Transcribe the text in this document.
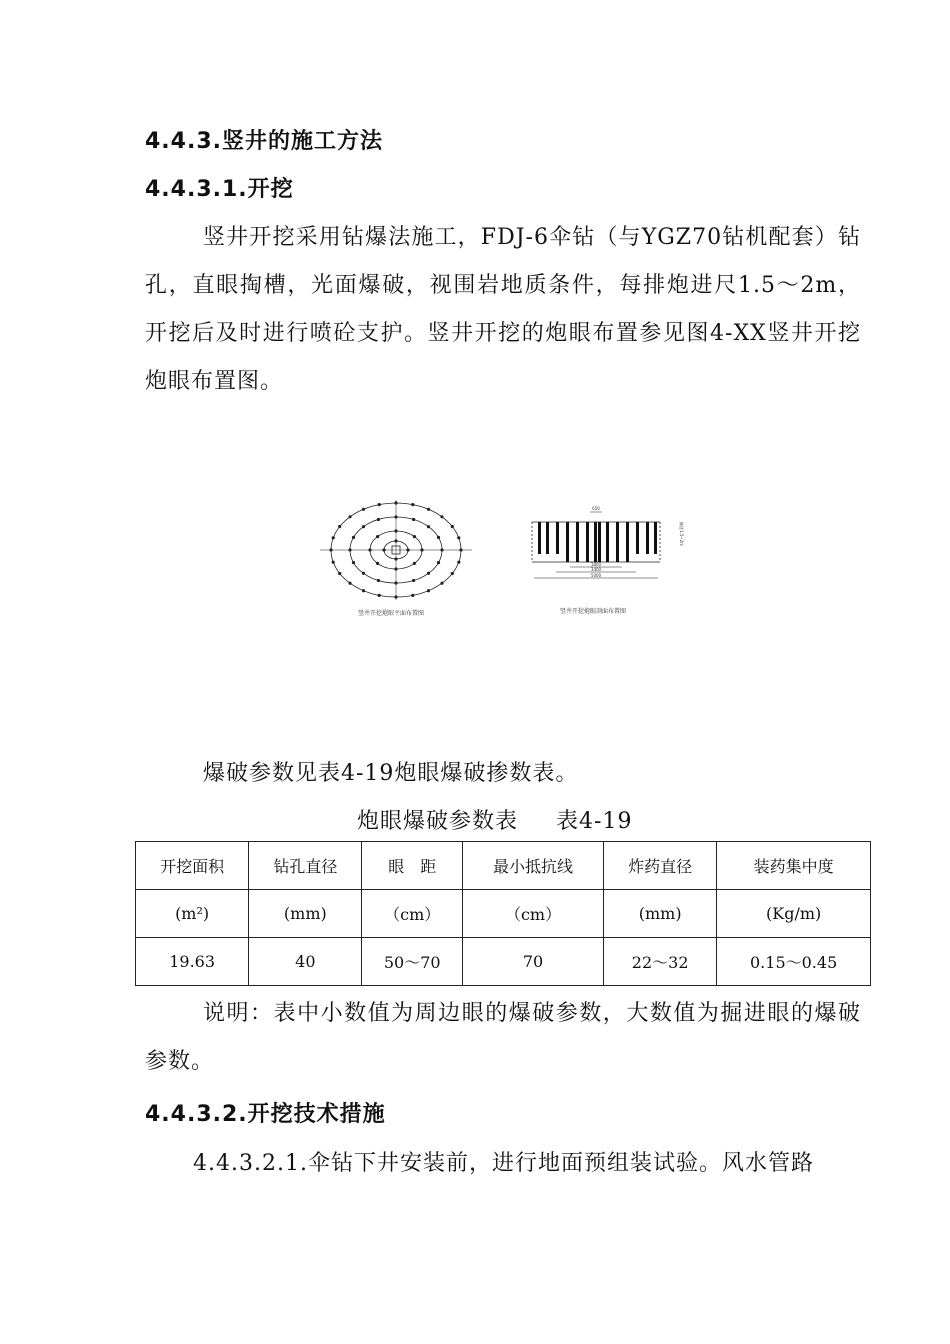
4.4.3.竖井的施工方法
4.4.3.1.开挖

竖井开挖采用钻爆法施工，FDJ-6伞钻（与YGZ70钻机配套）钻孔，直眼掏槽，光面爆破，视围岩地质条件，每排炮进尺1.5～2m，开挖后及时进行喷砼支护。竖井开挖的炮眼布置参见图4-XX竖井开挖炮眼布置图。

650
1800
3400
5000
掘进1.5~2m
竖井开挖炮眼平面布置图	竖井开挖炮眼剖面布置图
爆破参数见表4-19炮眼爆破掺数表。
炮眼爆破参数表 表4-19
开挖面积	钻孔直径	眼　距	最小抵抗线	炸药直径	装药集中度
(m²)	(mm)	（cm）	（cm）	(mm)	(Kg/m)
19.63	40	50～70	70	22～32	0.15～0.45

说明：表中小数值为周边眼的爆破参数，大数值为掘进眼的爆破参数。

4.4.3.2.开挖技术措施
4.4.3.2.1.伞钻下井安装前，进行地面预组装试验。风水管路
